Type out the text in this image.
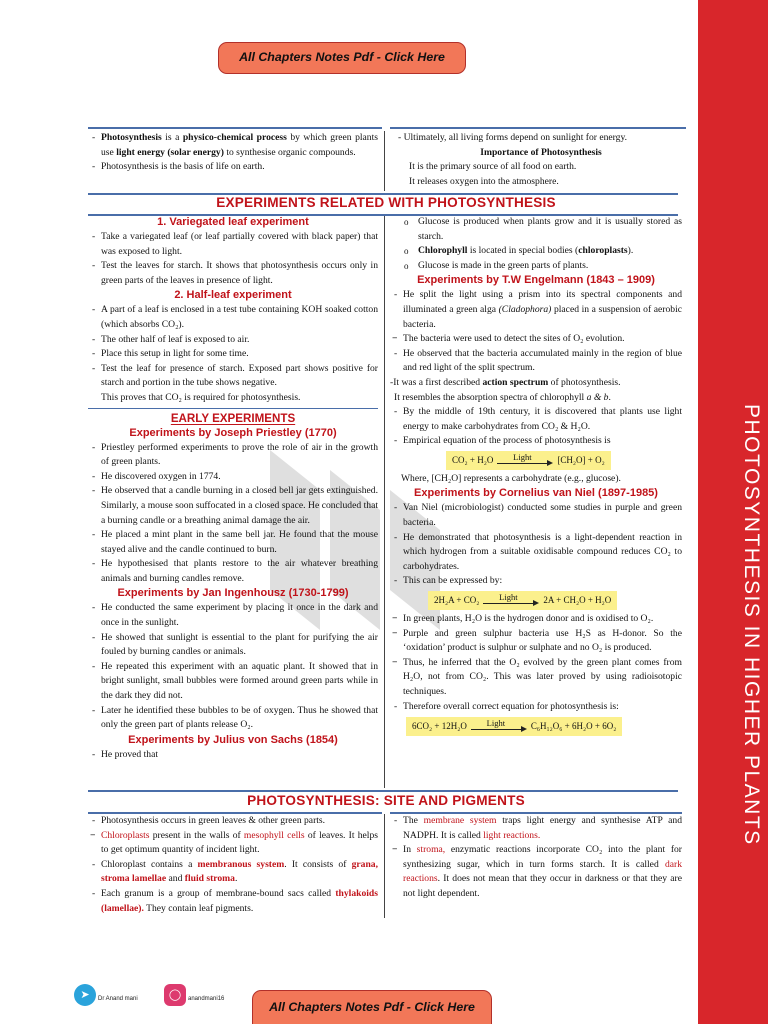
PHOTOSYNTHESIS IN HIGHER PLANTS
All Chapters Notes Pdf - Click Here
- Photosynthesis is a physico-chemical process by which green plants use light energy (solar energy) to synthesise organic compounds.
- Photosynthesis is the basis of life on earth.
- Ultimately, all living forms depend on sunlight for energy.
Importance of Photosynthesis
It is the primary source of all food on earth.
It releases oxygen into the atmosphere.
EXPERIMENTS RELATED WITH PHOTOSYNTHESIS
1. Variegated leaf experiment
- Take a variegated leaf (or leaf partially covered with black paper) that was exposed to light.
- Test the leaves for starch. It shows that photosynthesis occurs only in green parts of the leaves in presence of light.
2. Half-leaf experiment
- A part of a leaf is enclosed in a test tube containing KOH soaked cotton (which absorbs CO₂).
- The other half of leaf is exposed to air.
- Place this setup in light for some time.
- Test the leaf for presence of starch. Exposed part shows positive for starch and portion in the tube shows negative.
This proves that CO₂ is required for photosynthesis.
EARLY EXPERIMENTS
Experiments by Joseph Priestley (1770)
- Priestley performed experiments to prove the role of air in the growth of green plants.
- He discovered oxygen in 1774.
- He observed that a candle burning in a closed bell jar gets extinguished. Similarly, a mouse soon suffocated in a closed space. He concluded that a burning candle or a breathing animal damage the air.
- He placed a mint plant in the same bell jar. He found that the mouse stayed alive and the candle continued to burn.
- He hypothesised that plants restore to the air whatever breathing animals and burning candles remove.
Experiments by Jan Ingenhousz (1730-1799)
- He conducted the same experiment by placing it once in the dark and once in the sunlight.
- He showed that sunlight is essential to the plant for purifying the air fouled by burning candles or animals.
- He repeated this experiment with an aquatic plant. It showed that in bright sunlight, small bubbles were formed around green parts while in the dark they did not.
- Later he identified these bubbles to be of oxygen. Thus he showed that only the green part of plants release O₂.
Experiments by Julius von Sachs (1854)
- He proved that
o Glucose is produced when plants grow and it is usually stored as starch.
o Chlorophyll is located in special bodies (chloroplasts).
o Glucose is made in the green parts of plants.
Experiments by T.W Engelmann (1843 – 1909)
- He split the light using a prism into its spectral components and illuminated a green alga (Cladophora) placed in a suspension of aerobic bacteria.
− The bacteria were used to detect the sites of O₂ evolution.
- He observed that the bacteria accumulated mainly in the region of blue and red light of the split spectrum.
-It was a first described action spectrum of photosynthesis.
It resembles the absorption spectra of chlorophyll a & b.
- By the middle of 19th century, it is discovered that plants use light energy to make carbohydrates from CO₂ & H₂O.
- Empirical equation of the process of photosynthesis is
CO₂ + H₂O	Light	[CH₂O] + O₂
Where, [CH₂O] represents a carbohydrate (e.g., glucose).
Experiments by Cornelius van Niel (1897-1985)
- Van Niel (microbiologist) conducted some studies in purple and green bacteria.
- He demonstrated that photosynthesis is a light-dependent reaction in which hydrogen from a suitable oxidisable compound reduces CO₂ to carbohydrates.
- This can be expressed by:
2H₂A + CO₂	Light	2A + CH₂O + H₂O
− In green plants, H₂O is the hydrogen donor and is oxidised to O₂.
− Purple and green sulphur bacteria use H₂S as H-donor. So the ‘oxidation’ product is sulphur or sulphate and no O₂ is produced.
− Thus, he inferred that the O₂ evolved by the green plant comes from H₂O, not from CO₂. This was later proved by using radioisotopic techniques.
- Therefore overall correct equation for photosynthesis is:
6CO₂ + 12H₂O	Light	C₆H₁₂O₆ + 6H₂O + 6O₂
PHOTOSYNTHESIS: SITE AND PIGMENTS
- Photosynthesis occurs in green leaves & other green parts.
− Chloroplasts present in the walls of mesophyll cells of leaves. It helps to get optimum quantity of incident light.
- Chloroplast contains a membranous system. It consists of grana, stroma lamellae and fluid stroma.
- Each granum is a group of membrane-bound sacs called thylakoids (lamellae). They contain leaf pigments.
- The membrane system traps light energy and synthesise ATP and NADPH. It is called light reactions.
− In stroma, enzymatic reactions incorporate CO₂ into the plant for synthesizing sugar, which in turn forms starch. It is called dark reactions. It does not mean that they occur in darkness or that they are not light dependent.
➤	Dr Anand mani	◯	anandmani16
All Chapters Notes Pdf - Click Here
